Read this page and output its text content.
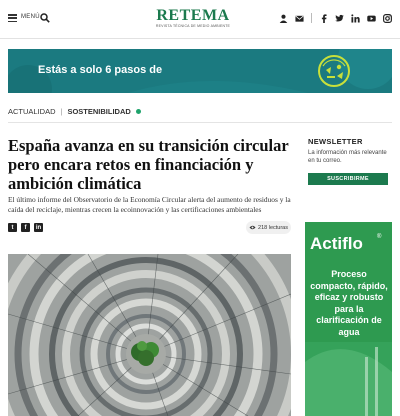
MENÚ	RETEMA
REVISTA TÉCNICA DE MEDIO AMBIENTE
Estás a solo 6 pasos de
ACTUALIDAD | SOSTENIBILIDAD
España avanza en su transición circular pero encara retos en financiación y ambición climática

El último informe del Observatorio de la Economía Circular alerta del aumento de residuos y la caída del reciclaje, mientras crecen la ecoinnovación y las certificaciones ambientales

t	f	in	218 lecturas
NEWSLETTER

La información más relevante en tu correo.

SUSCRIBIRME
Actiflo ®

Proceso compacto, rápido, eficaz y robusto para la clarificación de agua
